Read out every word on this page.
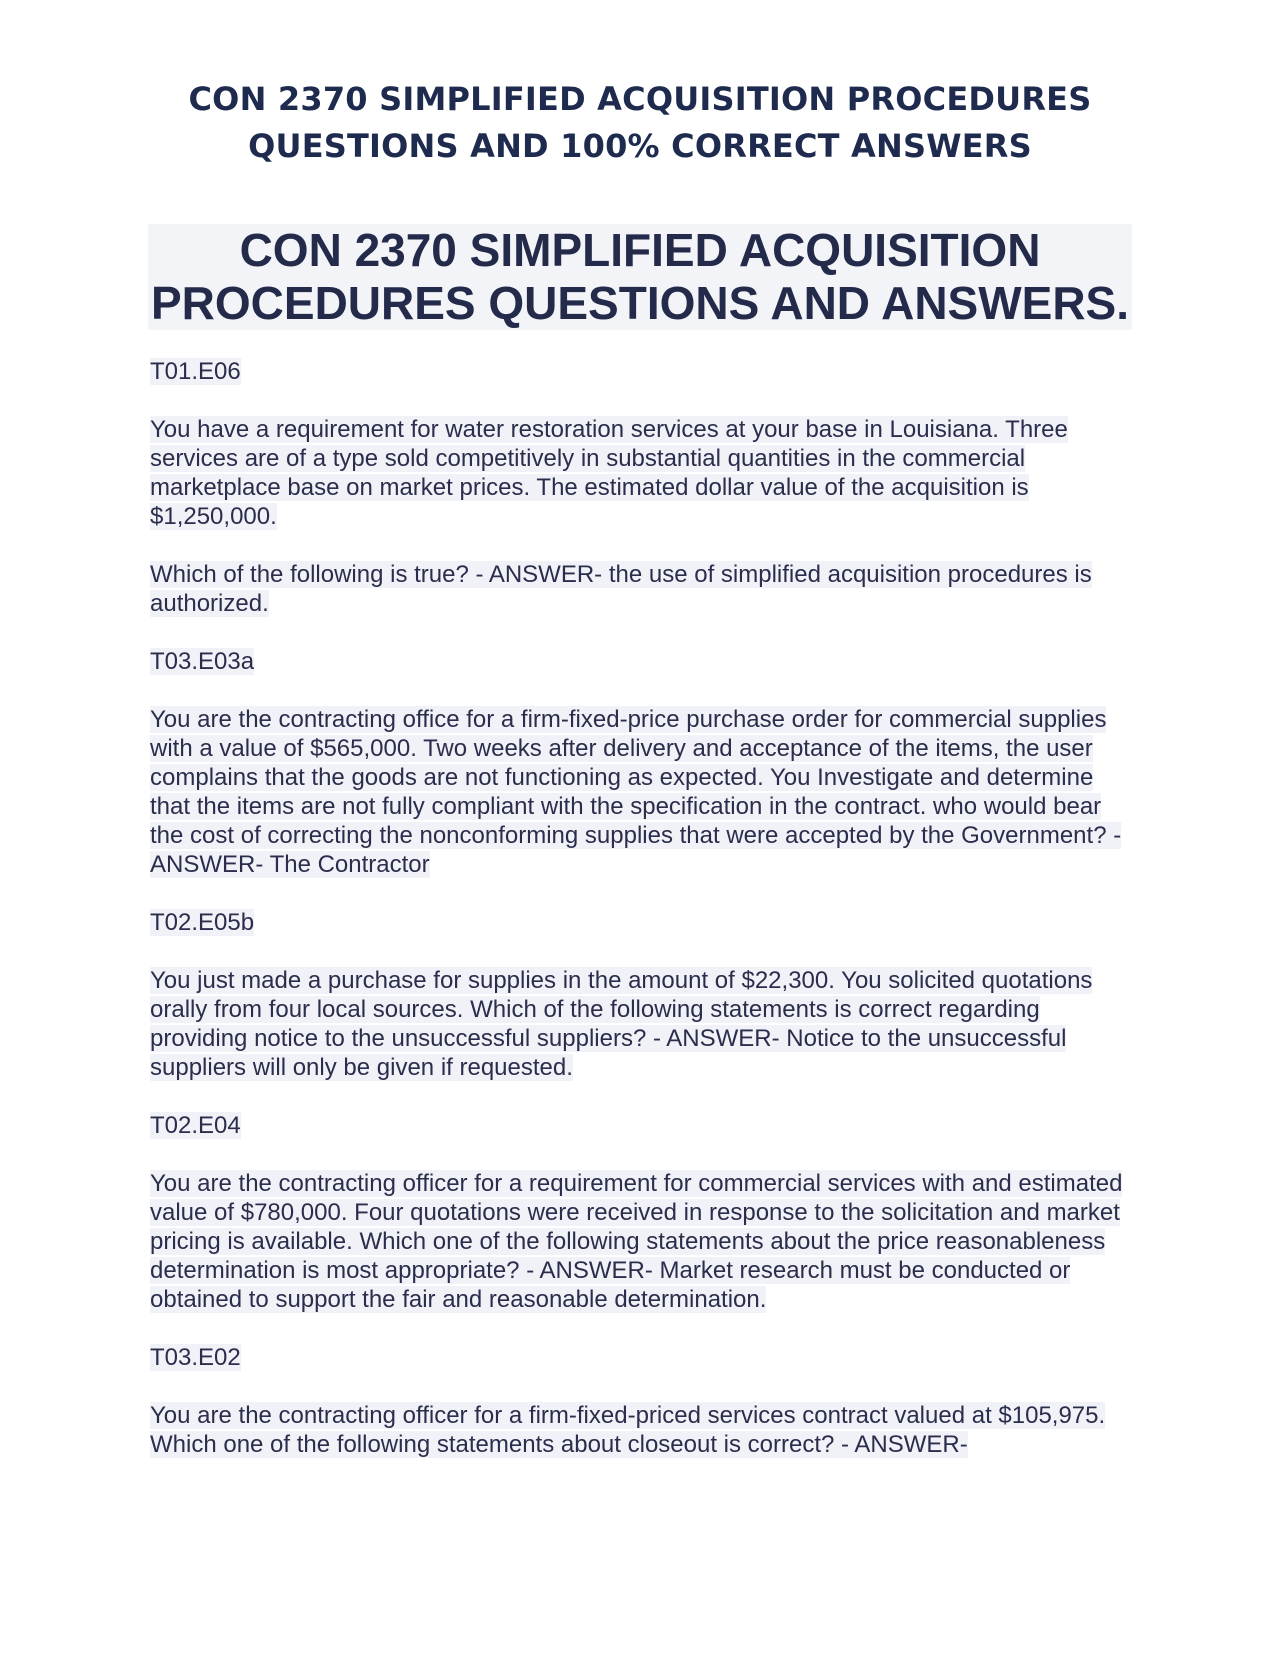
CON 2370 SIMPLIFIED ACQUISITION PROCEDURES
QUESTIONS AND 100% CORRECT ANSWERS
CON 2370 SIMPLIFIED ACQUISITION
PROCEDURES QUESTIONS AND ANSWERS.

T01.E06

You have a requirement for water restoration services at your base in Louisiana. Three services are of a type sold competitively in substantial quantities in the commercial marketplace base on market prices. The estimated dollar value of the acquisition is $1,250,000.

Which of the following is true? - ANSWER- the use of simplified acquisition procedures is authorized.

T03.E03a

You are the contracting office for a firm-fixed-price purchase order for commercial supplies with a value of $565,000. Two weeks after delivery and acceptance of the items, the user complains that the goods are not functioning as expected. You Investigate and determine that the items are not fully compliant with the specification in the contract. who would bear the cost of correcting the nonconforming supplies that were accepted by the Government? - ANSWER- The Contractor

T02.E05b

You just made a purchase for supplies in the amount of $22,300. You solicited quotations orally from four local sources. Which of the following statements is correct regarding providing notice to the unsuccessful suppliers? - ANSWER- Notice to the unsuccessful suppliers will only be given if requested.

T02.E04

You are the contracting officer for a requirement for commercial services with and estimated value of $780,000. Four quotations were received in response to the solicitation and market pricing is available. Which one of the following statements about the price reasonableness determination is most appropriate? - ANSWER- Market research must be conducted or obtained to support the fair and reasonable determination.

T03.E02

You are the contracting officer for a firm-fixed-priced services contract valued at $105,975. Which one of the following statements about closeout is correct? - ANSWER-
